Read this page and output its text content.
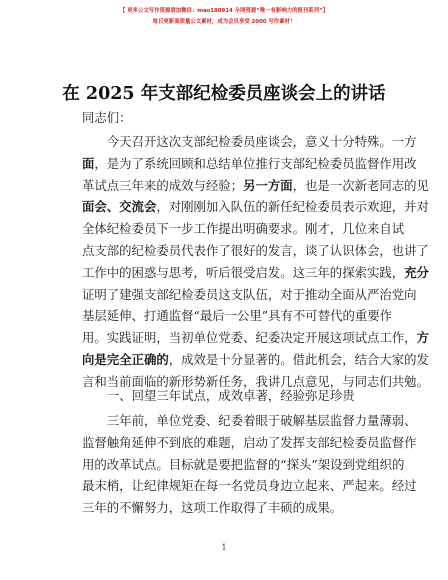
【 更多公文写作资源请加微信：mao180914 全网资源“唯一有影响力的报刊系列”】
每日更新高质量公文素材，成为会员享受 2000 写作素材！
在 2025 年支部纪检委员座谈会上的讲话
同志们：
今天召开这次支部纪检委员座谈会，意义十分特殊。一方
面，是为了系统回顾和总结单位推行支部纪检委员监督作用改
革试点三年来的成效与经验；另一方面，也是一次新老同志的见
面会、交流会，对刚刚加入队伍的新任纪检委员表示欢迎，并对
全体纪检委员下一步工作提出明确要求。刚才，几位来自试
点支部的纪检委员代表作了很好的发言，谈了认识体会，也讲了
工作中的困惑与思考，听后很受启发。这三年的探索实践，充分
证明了建强支部纪检委员这支队伍，对于推动全面从严治党向
基层延伸、打通监督“最后一公里”具有不可替代的重要作
用。实践证明，当初单位党委、纪委决定开展这项试点工作，方
向是完全正确的，成效是十分显著的。借此机会，结合大家的发
言和当前面临的新形势新任务，我讲几点意见，与同志们共勉。
一、回望三年试点，成效卓著，经验弥足珍贵
三年前，单位党委、纪委着眼于破解基层监督力量薄弱、
监督触角延伸不到底的难题，启动了发挥支部纪检委员监督作
用的改革试点。目标就是要把监督的“探头”架设到党组织的
最末梢，让纪律规矩在每一名党员身边立起来、严起来。经过
三年的不懈努力，这项工作取得了丰硕的成果。
1
